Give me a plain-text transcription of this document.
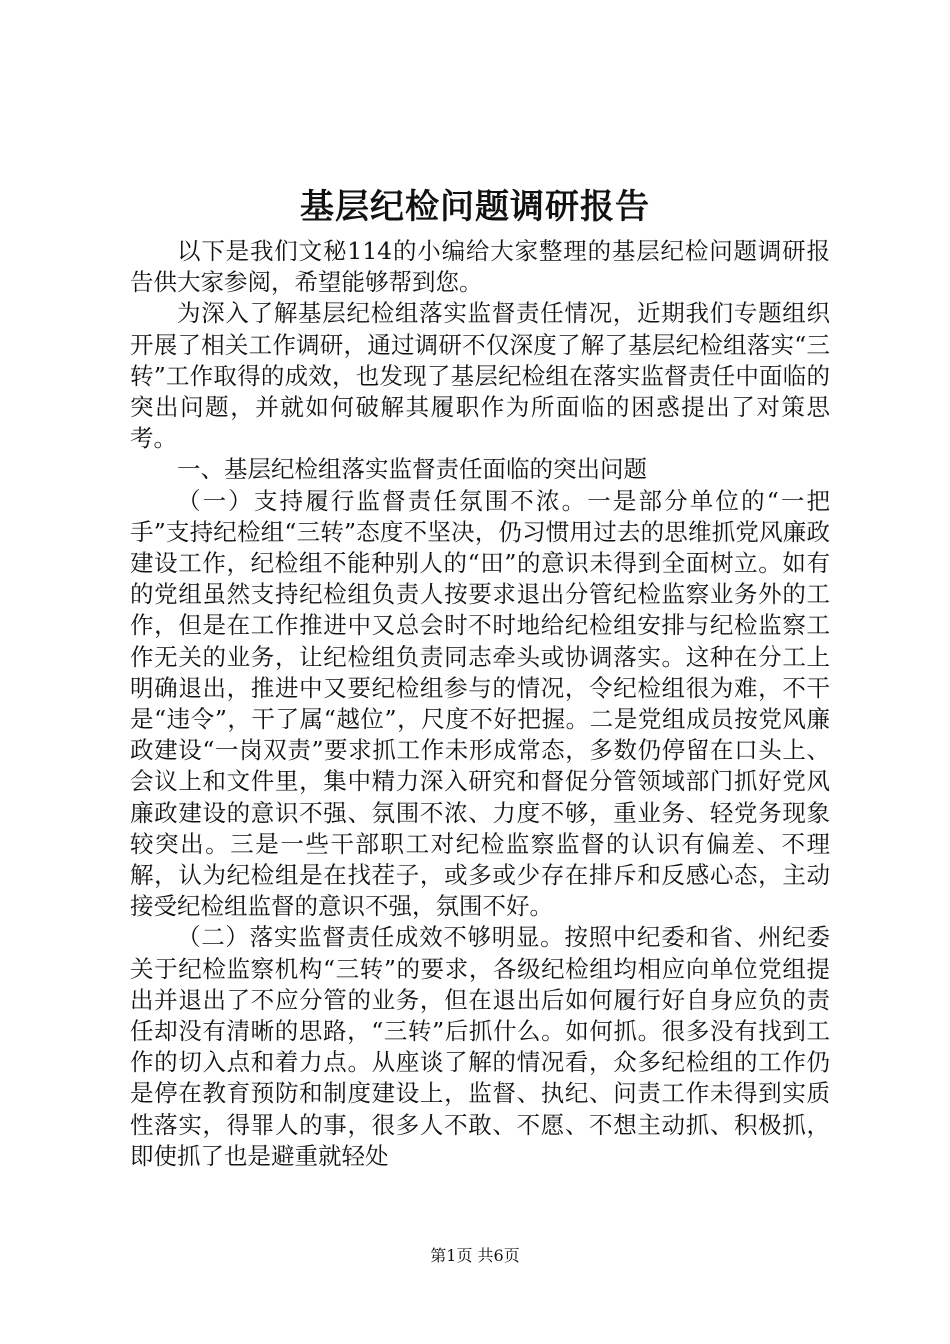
基层纪检问题调研报告

以下是我们文秘114的小编给大家整理的基层纪检问题调研报告供大家参阅，希望能够帮到您。

为深入了解基层纪检组落实监督责任情况，近期我们专题组织开展了相关工作调研，通过调研不仅深度了解了基层纪检组落实“三转”工作取得的成效，也发现了基层纪检组在落实监督责任中面临的突出问题，并就如何破解其履职作为所面临的困惑提出了对策思考。

一、基层纪检组落实监督责任面临的突出问题

（一）支持履行监督责任氛围不浓。一是部分单位的“一把手”支持纪检组“三转”态度不坚决，仍习惯用过去的思维抓党风廉政建设工作，纪检组不能种别人的“田”的意识未得到全面树立。如有的党组虽然支持纪检组负责人按要求退出分管纪检监察业务外的工作，但是在工作推进中又总会时不时地给纪检组安排与纪检监察工作无关的业务，让纪检组负责同志牵头或协调落实。这种在分工上明确退出，推进中又要纪检组参与的情况，令纪检组很为难，不干是“违令”，干了属“越位”，尺度不好把握。二是党组成员按党风廉政建设“一岗双责”要求抓工作未形成常态，多数仍停留在口头上、会议上和文件里，集中精力深入研究和督促分管领域部门抓好党风廉政建设的意识不强、氛围不浓、力度不够，重业务、轻党务现象较突出。三是一些干部职工对纪检监察监督的认识有偏差、不理解，认为纪检组是在找茬子，或多或少存在排斥和反感心态，主动接受纪检组监督的意识不强，氛围不好。

（二）落实监督责任成效不够明显。按照中纪委和省、州纪委关于纪检监察机构“三转”的要求，各级纪检组均相应向单位党组提出并退出了不应分管的业务，但在退出后如何履行好自身应负的责任却没有清晰的思路，“三转”后抓什么。如何抓。很多没有找到工作的切入点和着力点。从座谈了解的情况看，众多纪检组的工作仍是停在教育预防和制度建设上，监督、执纪、问责工作未得到实质性落实，得罪人的事，很多人不敢、不愿、不想主动抓、积极抓，即使抓了也是避重就轻处

第1页 共6页
